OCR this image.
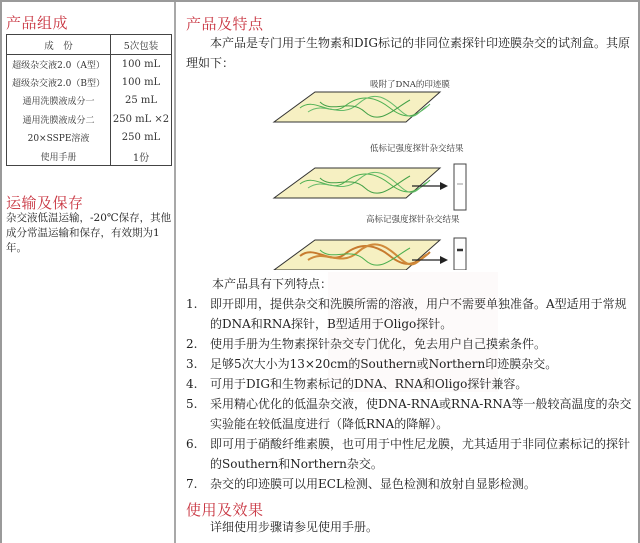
产品组成
成　份	5次包装
超级杂交液2.0（A型）	100 mL
超级杂交液2.0（B型）	100 mL
通用洗膜液成分一	25 mL
通用洗膜液成分二	250 mL ×2
20×SSPE溶液	250 mL
使用手册	1份
运输及保存

杂交液低温运输，-20℃保存，其他成分常温运输和保存，有效期为1年。

产品及特点

本产品是专门用于生物素和DIG标记的非同位素探针印迹膜杂交的试剂盒。其原理如下：

吸附了DNA的印迹膜
低标记强度探针杂交结果
高标记强度探针杂交结果

本产品具有下列特点：

1.	即开即用，提供杂交和洗膜所需的溶液，用户不需要单独准备。A型适用于常规的DNA和RNA探针，B型适用于Oligo探针。
2.	使用手册为生物素探针杂交专门优化，免去用户自己摸索条件。
3.	足够5次大小为13×20cm的Southern或Northern印迹膜杂交。
4.	可用于DIG和生物素标记的DNA、RNA和Oligo探针兼容。
5.	采用精心优化的低温杂交液，使DNA-RNA或RNA-RNA等一般较高温度的杂交实验能在较低温度进行（降低RNA的降解）。
6.	即可用于硝酸纤维素膜，也可用于中性尼龙膜，尤其适用于非同位素标记的探针的Southern和Northern杂交。
7.	杂交的印迹膜可以用ECL检测、显色检测和放射自显影检测。
使用及效果

详细使用步骤请参见使用手册。
